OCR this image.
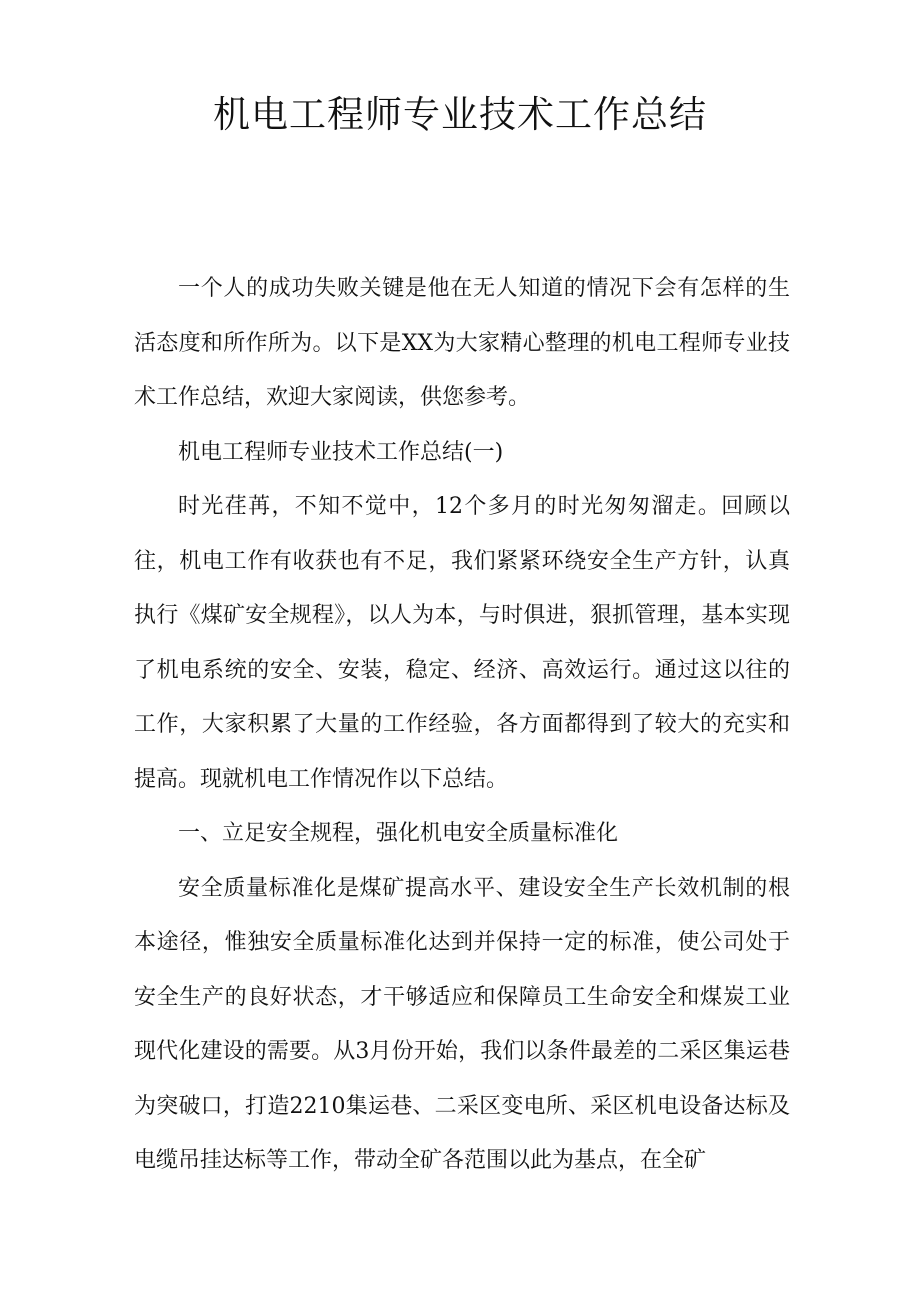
机电工程师专业技术工作总结

一个人的成功失败关键是他在无人知道的情况下会有怎样的生活态度和所作所为。以下是XX为大家精心整理的机电工程师专业技术工作总结，欢迎大家阅读，供您参考。

机电工程师专业技术工作总结(一)

时光荏苒，不知不觉中，12个多月的时光匆匆溜走。回顾以往，机电工作有收获也有不足，我们紧紧环绕安全生产方针，认真执行《煤矿安全规程》，以人为本，与时俱进，狠抓管理，基本实现了机电系统的安全、安装，稳定、经济、高效运行。通过这以往的工作，大家积累了大量的工作经验，各方面都得到了较大的充实和提高。现就机电工作情况作以下总结。

一、立足安全规程，强化机电安全质量标准化

安全质量标准化是煤矿提高水平、建设安全生产长效机制的根本途径，惟独安全质量标准化达到并保持一定的标准，使公司处于安全生产的良好状态，才干够适应和保障员工生命安全和煤炭工业现代化建设的需要。从3月份开始，我们以条件最差的二采区集运巷为突破口，打造2210集运巷、二采区变电所、采区机电设备达标及电缆吊挂达标等工作，带动全矿各范围以此为基点，在全矿
